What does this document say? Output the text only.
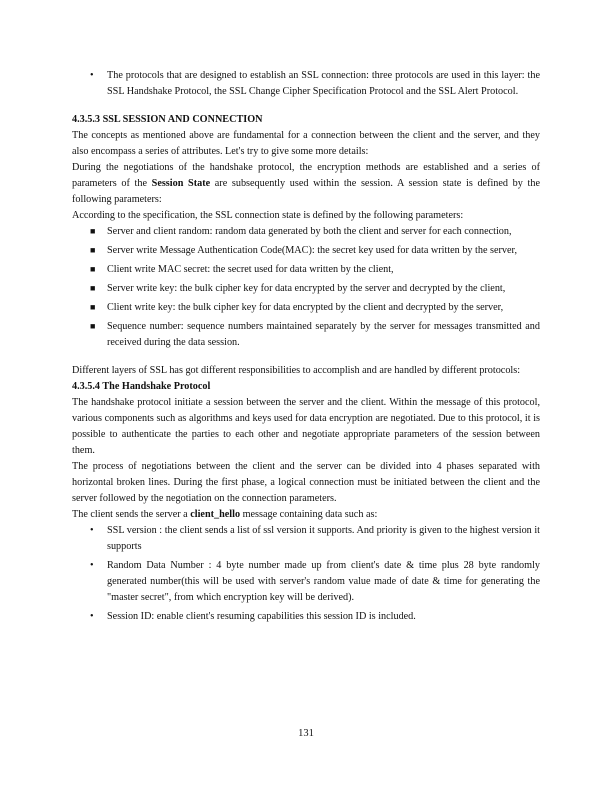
• The protocols that are designed to establish an SSL connection: three protocols are used in this layer: the SSL Handshake Protocol, the SSL Change Cipher Specification Protocol and the SSL Alert Protocol.

4.3.5.3 SSL SESSION AND CONNECTION

The concepts as mentioned above are fundamental for a connection between the client and the server, and they also encompass a series of attributes. Let's try to give some more details:

During the negotiations of the handshake protocol, the encryption methods are established and a series of parameters of the Session State are subsequently used within the session. A session state is defined by the following parameters:

According to the specification, the SSL connection state is defined by the following parameters:

■ Server and client random: random data generated by both the client and server for each connection,
■ Server write Message Authentication Code(MAC): the secret key used for data written by the server,
■ Client write MAC secret: the secret used for data written by the client,
■ Server write key: the bulk cipher key for data encrypted by the server and decrypted by the client,
■ Client write key: the bulk cipher key for data encrypted by the client and decrypted by the server,
■ Sequence number: sequence numbers maintained separately by the server for messages transmitted and received during the data session.

Different layers of SSL has got different responsibilities to accomplish and are handled by different protocols:

4.3.5.4 The Handshake Protocol

The handshake protocol initiate a session between the server and the client. Within the message of this protocol, various components such as algorithms and keys used for data encryption are negotiated. Due to this protocol, it is possible to authenticate the parties to each other and negotiate appropriate parameters of the session between them.

The process of negotiations between the client and the server can be divided into 4 phases separated with horizontal broken lines. During the first phase, a logical connection must be initiated between the client and the server followed by the negotiation on the connection parameters.

The client sends the server a client_hello message containing data such as:

• SSL version : the client sends a list of ssl version it supports. And priority is given to the highest version it supports
• Random Data Number : 4 byte number made up from client's date & time plus 28 byte randomly generated number(this will be used with server's random value made of date & time for generating the "master secret", from which encryption key will be derived).
• Session ID: enable client's resuming capabilities this session ID is included.
131
